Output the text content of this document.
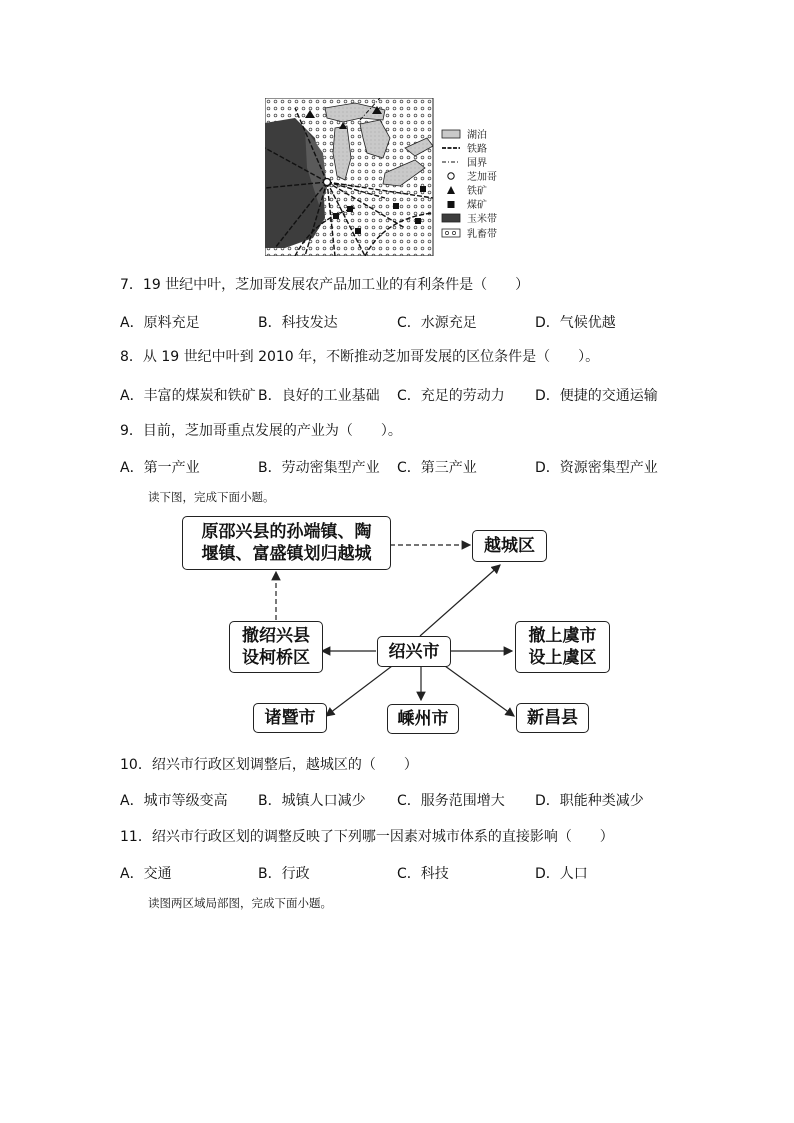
湖泊
铁路
国界
芝加哥
铁矿
煤矿
玉米带
乳畜带
7．19 世纪中叶，芝加哥发展农产品加工业的有利条件是（　　）
A．原料充足	B．科技发达	C．水源充足	D．气候优越
8．从 19 世纪中叶到 2010 年，不断推动芝加哥发展的区位条件是（　　）。
A．丰富的煤炭和铁矿 B．良好的工业基础 C．充足的劳动力 D．便捷的交通运输
9．目前，芝加哥重点发展的产业为（　　）。
A．第一产业	B．劳动密集型产业 C．第三产业	D．资源密集型产业
读下图，完成下面小题。
原邵兴县的孙端镇、陶
堰镇、富盛镇划归越城	越城区
撤绍兴县
设柯桥区	绍兴市
撤上虞市
设上虞区
诸暨市	嵊州市	新昌县
10．绍兴市行政区划调整后，越城区的（　　）
A．城市等级变高 B．城镇人口减少 C．服务范围增大 D．职能种类减少
11．绍兴市行政区划的调整反映了下列哪一因素对城市体系的直接影响（　　）
A．交通	B．行政	C．科技	D．人口
读图两区域局部图，完成下面小题。
